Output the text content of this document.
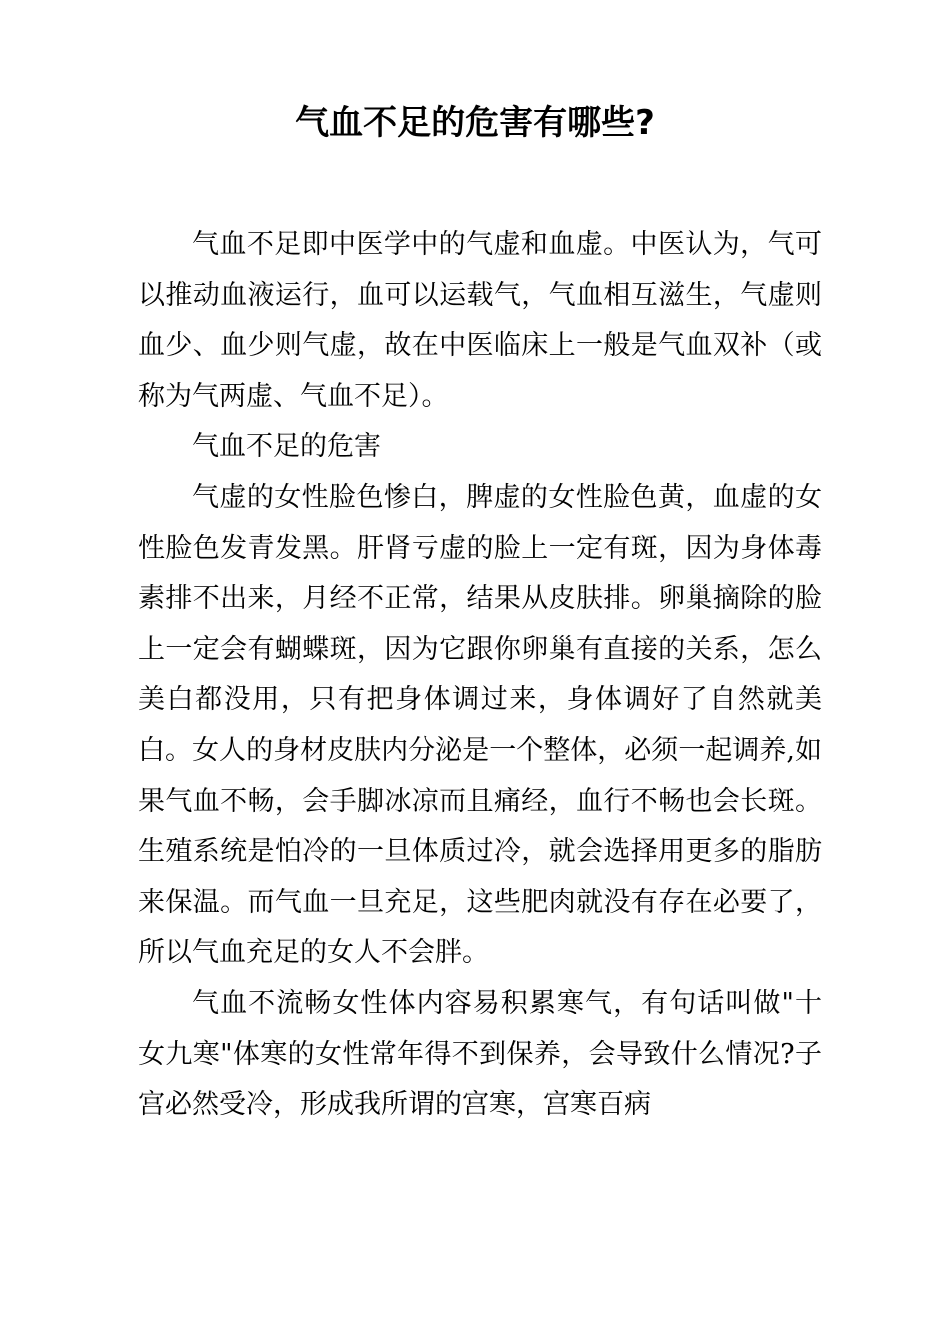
气血不足的危害有哪些?

气血不足即中医学中的气虚和血虚。中医认为，气可以推动血液运行，血可以运载气，气血相互滋生，气虚则血少、血少则气虚，故在中医临床上一般是气血双补（或称为气两虚、气血不足）。

气血不足的危害

气虚的女性脸色惨白，脾虚的女性脸色黄，血虚的女性脸色发青发黑。肝肾亏虚的脸上一定有斑，因为身体毒素排不出来，月经不正常，结果从皮肤排。卵巢摘除的脸上一定会有蝴蝶斑，因为它跟你卵巢有直接的关系，怎么美白都没用，只有把身体调过来，身体调好了自然就美白。女人的身材皮肤内分泌是一个整体，必须一起调养,如果气血不畅，会手脚冰凉而且痛经，血行不畅也会长斑。生殖系统是怕冷的一旦体质过冷，就会选择用更多的脂肪来保温。而气血一旦充足，这些肥肉就没有存在必要了，所以气血充足的女人不会胖。

气血不流畅女性体内容易积累寒气，有句话叫做"十女九寒"体寒的女性常年得不到保养，会导致什么情况?子宫必然受冷，形成我所谓的宫寒，宫寒百病
